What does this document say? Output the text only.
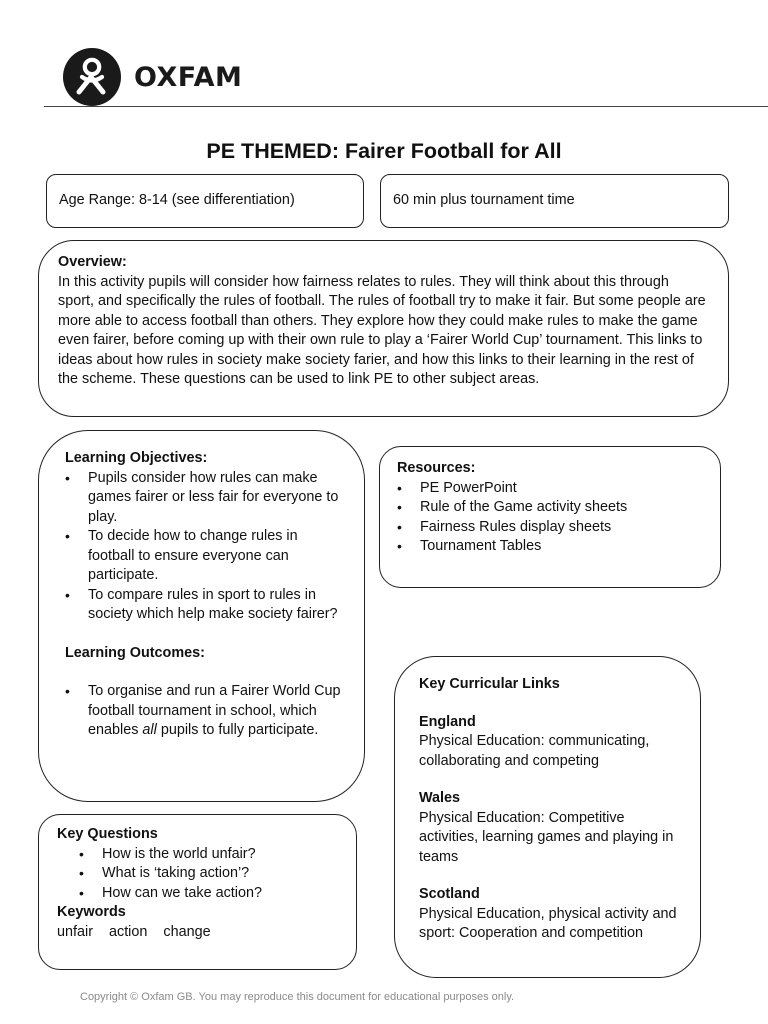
OXFAM
PE THEMED: Fairer Football for All

Age Range: 8-14 (see differentiation)	60 min plus tournament time

Overview:

In this activity pupils will consider how fairness relates to rules. They will think about this through sport, and specifically the rules of football. The rules of football try to make it fair. But some people are more able to access football than others. They explore how they could make rules to make the game even fairer, before coming up with their own rule to play a ‘Fairer World Cup’ tournament. This links to ideas about how rules in society make society farier, and how this links to their learning in the rest of the scheme. These questions can be used to link PE to other subject areas.

Learning Objectives:

• Pupils consider how rules can make games fairer or less fair for everyone to play.
• To decide how to change rules in football to ensure everyone can participate.
• To compare rules in sport to rules in society which help make society fairer?

Learning Outcomes:

• To organise and run a Fairer World Cup football tournament in school, which enables all pupils to fully participate.

Resources:

• PE PowerPoint
• Rule of the Game activity sheets
• Fairness Rules display sheets
• Tournament Tables

Key Curricular Links

England

Physical Education: communicating, collaborating and competing

Wales

Physical Education: Competitive activities, learning games and playing in teams

Scotland

Physical Education, physical activity and sport: Cooperation and competition

Key Questions

• How is the world unfair?
• What is ‘taking action’?
• How can we take action?

Keywords

unfair    action    change

Copyright © Oxfam GB. You may reproduce this document for educational purposes only.
